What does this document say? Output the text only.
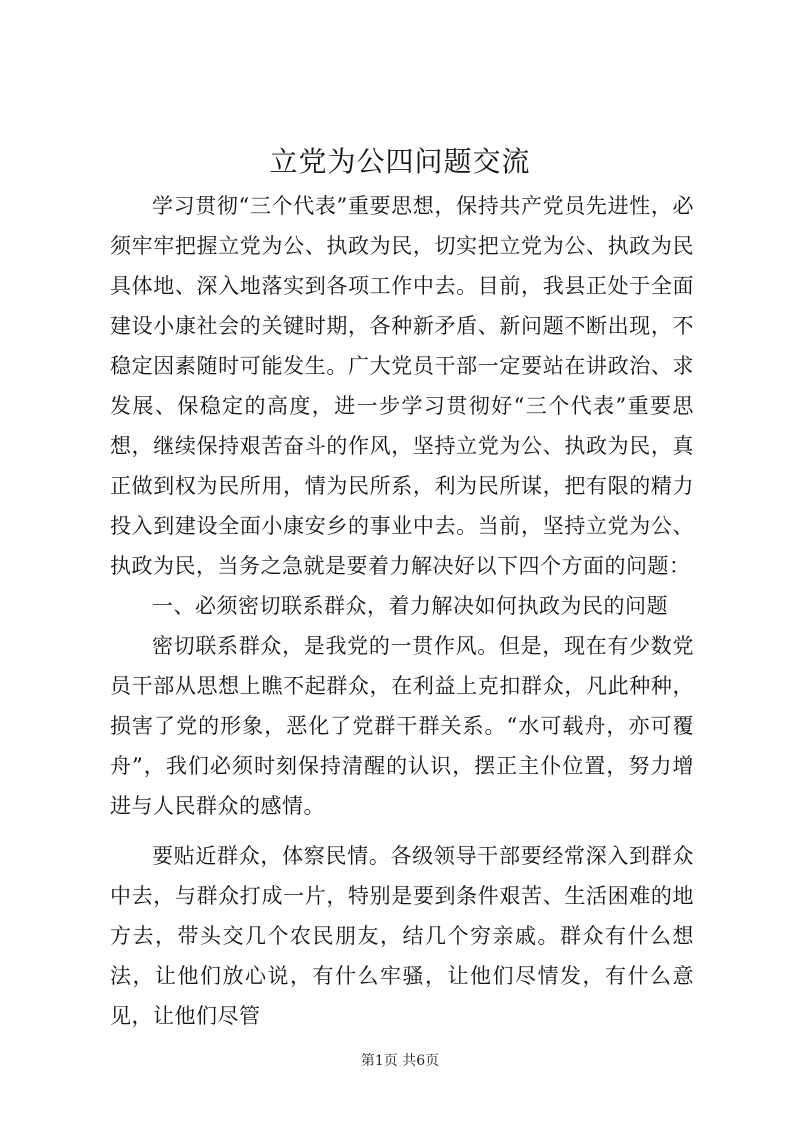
立党为公四问题交流

学习贯彻“三个代表”重要思想，保持共产党员先进性，必须牢牢把握立党为公、执政为民，切实把立党为公、执政为民具体地、深入地落实到各项工作中去。目前，我县正处于全面建设小康社会的关键时期，各种新矛盾、新问题不断出现，不稳定因素随时可能发生。广大党员干部一定要站在讲政治、求发展、保稳定的高度，进一步学习贯彻好“三个代表”重要思想，继续保持艰苦奋斗的作风，坚持立党为公、执政为民，真正做到权为民所用，情为民所系，利为民所谋，把有限的精力投入到建设全面小康安乡的事业中去。当前，坚持立党为公、执政为民，当务之急就是要着力解决好以下四个方面的问题：

一、必须密切联系群众，着力解决如何执政为民的问题

密切联系群众，是我党的一贯作风。但是，现在有少数党员干部从思想上瞧不起群众，在利益上克扣群众，凡此种种，损害了党的形象，恶化了党群干群关系。“水可载舟，亦可覆舟”，我们必须时刻保持清醒的认识，摆正主仆位置，努力增进与人民群众的感情。

要贴近群众，体察民情。各级领导干部要经常深入到群众中去，与群众打成一片，特别是要到条件艰苦、生活困难的地方去，带头交几个农民朋友，结几个穷亲戚。群众有什么想法，让他们放心说，有什么牢骚，让他们尽情发，有什么意见，让他们尽管

第1页 共6页
